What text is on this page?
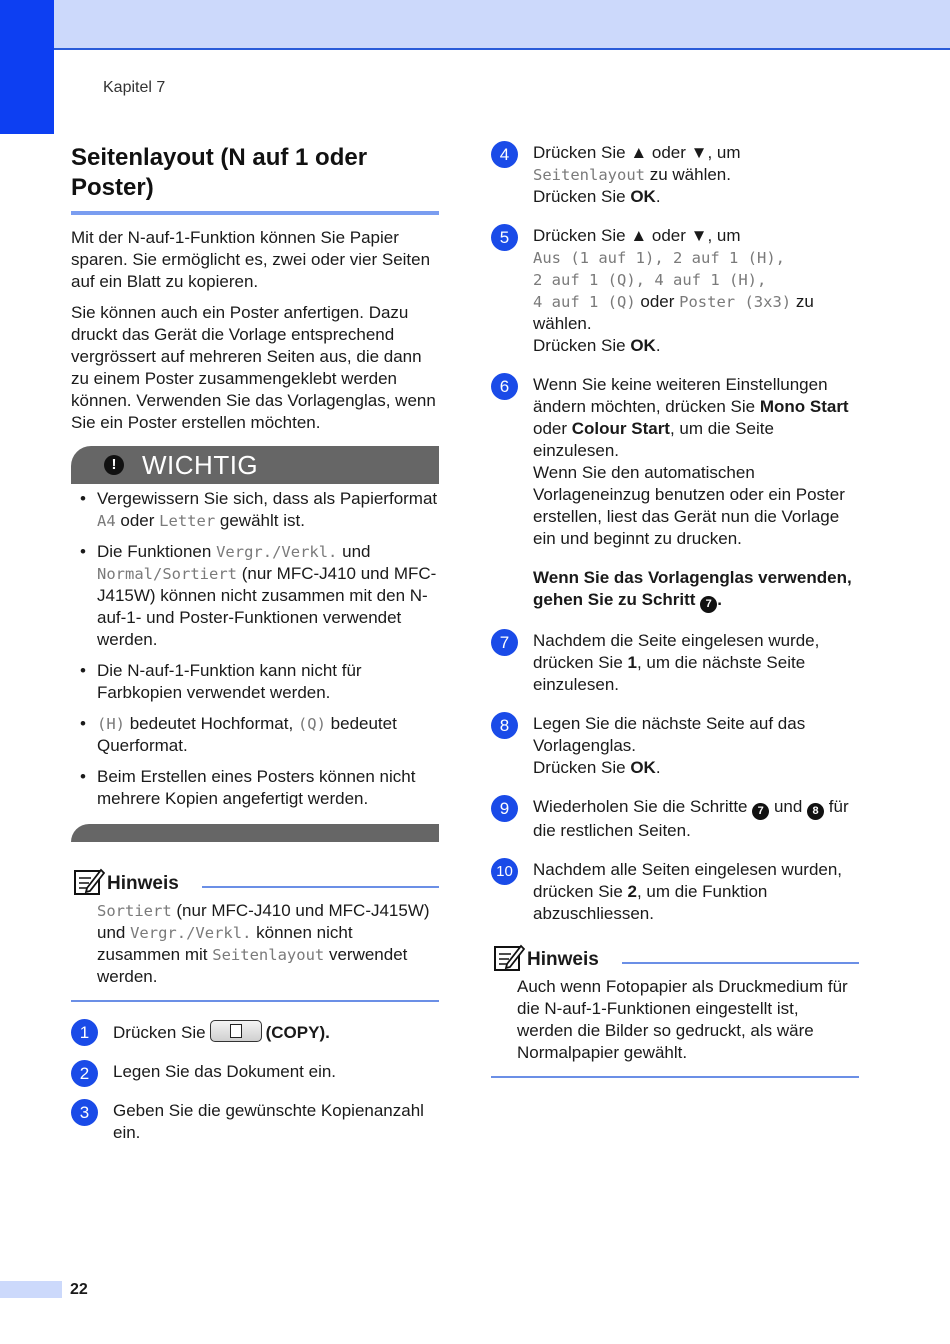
Kapitel 7
Seitenlayout (N auf 1 oder Poster)

Mit der N-auf-1-Funktion können Sie Papier sparen. Sie ermöglicht es, zwei oder vier Seiten auf ein Blatt zu kopieren.

Sie können auch ein Poster anfertigen. Dazu druckt das Gerät die Vorlage entsprechend vergrössert auf mehreren Seiten aus, die dann zu einem Poster zusammengeklebt werden können. Verwenden Sie das Vorlagenglas, wenn Sie ein Poster erstellen möchten.

! WICHTIG
• Vergewissern Sie sich, dass als Papierformat A4 oder Letter gewählt ist.
• Die Funktionen Vergr./Verkl. und Normal/Sortiert (nur MFC-J410 und MFC-J415W) können nicht zusammen mit den N-auf-1- und Poster-Funktionen verwendet werden.
• Die N-auf-1-Funktion kann nicht für Farbkopien verwendet werden.
• (H) bedeutet Hochformat, (Q) bedeutet Querformat.
• Beim Erstellen eines Posters können nicht mehrere Kopien angefertigt werden.
Hinweis

Sortiert (nur MFC-J410 und MFC-J415W) und Vergr./Verkl. können nicht zusammen mit Seitenlayout verwendet werden.

1	Drücken Sie	(COPY).
2	Legen Sie das Dokument ein.
3	Geben Sie die gewünschte Kopienanzahl ein.
4	Drücken Sie ▲ oder ▼, um
Seitenlayout zu wählen.
Drücken Sie OK.
5	Drücken Sie ▲ oder ▼, um
Aus (1 auf 1), 2 auf 1 (H),
2 auf 1 (Q), 4 auf 1 (H),
4 auf 1 (Q) oder Poster (3x3) zu wählen.
Drücken Sie OK.
6	Wenn Sie keine weiteren Einstellungen ändern möchten, drücken Sie Mono Start oder Colour Start, um die Seite einzulesen.
Wenn Sie den automatischen Vorlageneinzug benutzen oder ein Poster erstellen, liest das Gerät nun die Vorlage ein und beginnt zu drucken.
Wenn Sie das Vorlagenglas verwenden, gehen Sie zu Schritt 7 .
7	Nachdem die Seite eingelesen wurde, drücken Sie 1, um die nächste Seite einzulesen.
8	Legen Sie die nächste Seite auf das Vorlagenglas.
Drücken Sie OK.
9	Wiederholen Sie die Schritte 7 und 8 für die restlichen Seiten.
10	Nachdem alle Seiten eingelesen wurden, drücken Sie 2, um die Funktion abzuschliessen.
Hinweis

Auch wenn Fotopapier als Druckmedium für die N-auf-1-Funktionen eingestellt ist, werden die Bilder so gedruckt, als wäre Normalpapier gewählt.

22
